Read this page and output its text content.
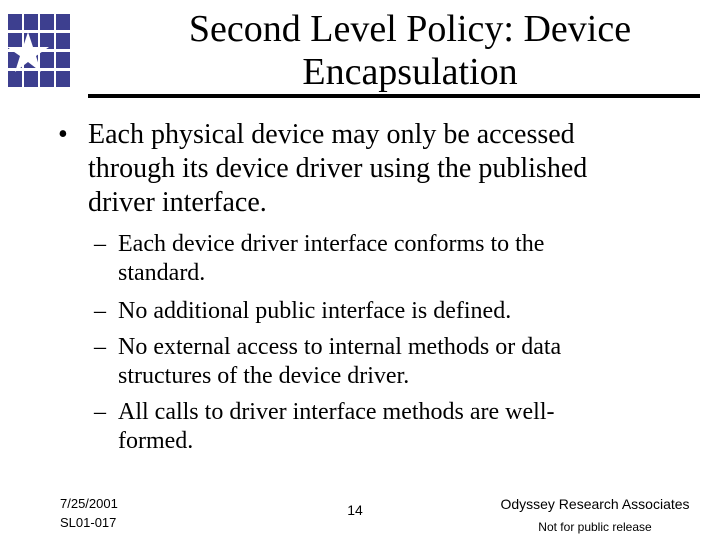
Second Level Policy: Device
Encapsulation
• Each physical device may only be accessed
through its device driver using the published
driver interface.
– Each device driver interface conforms to the
standard.
– No additional public interface is defined.
– No external access to internal methods or data
structures of the device driver.
– All calls to driver interface methods are well-
formed.
7/25/2001
SL01-017
14	Odyssey Research Associates
Not for public release
